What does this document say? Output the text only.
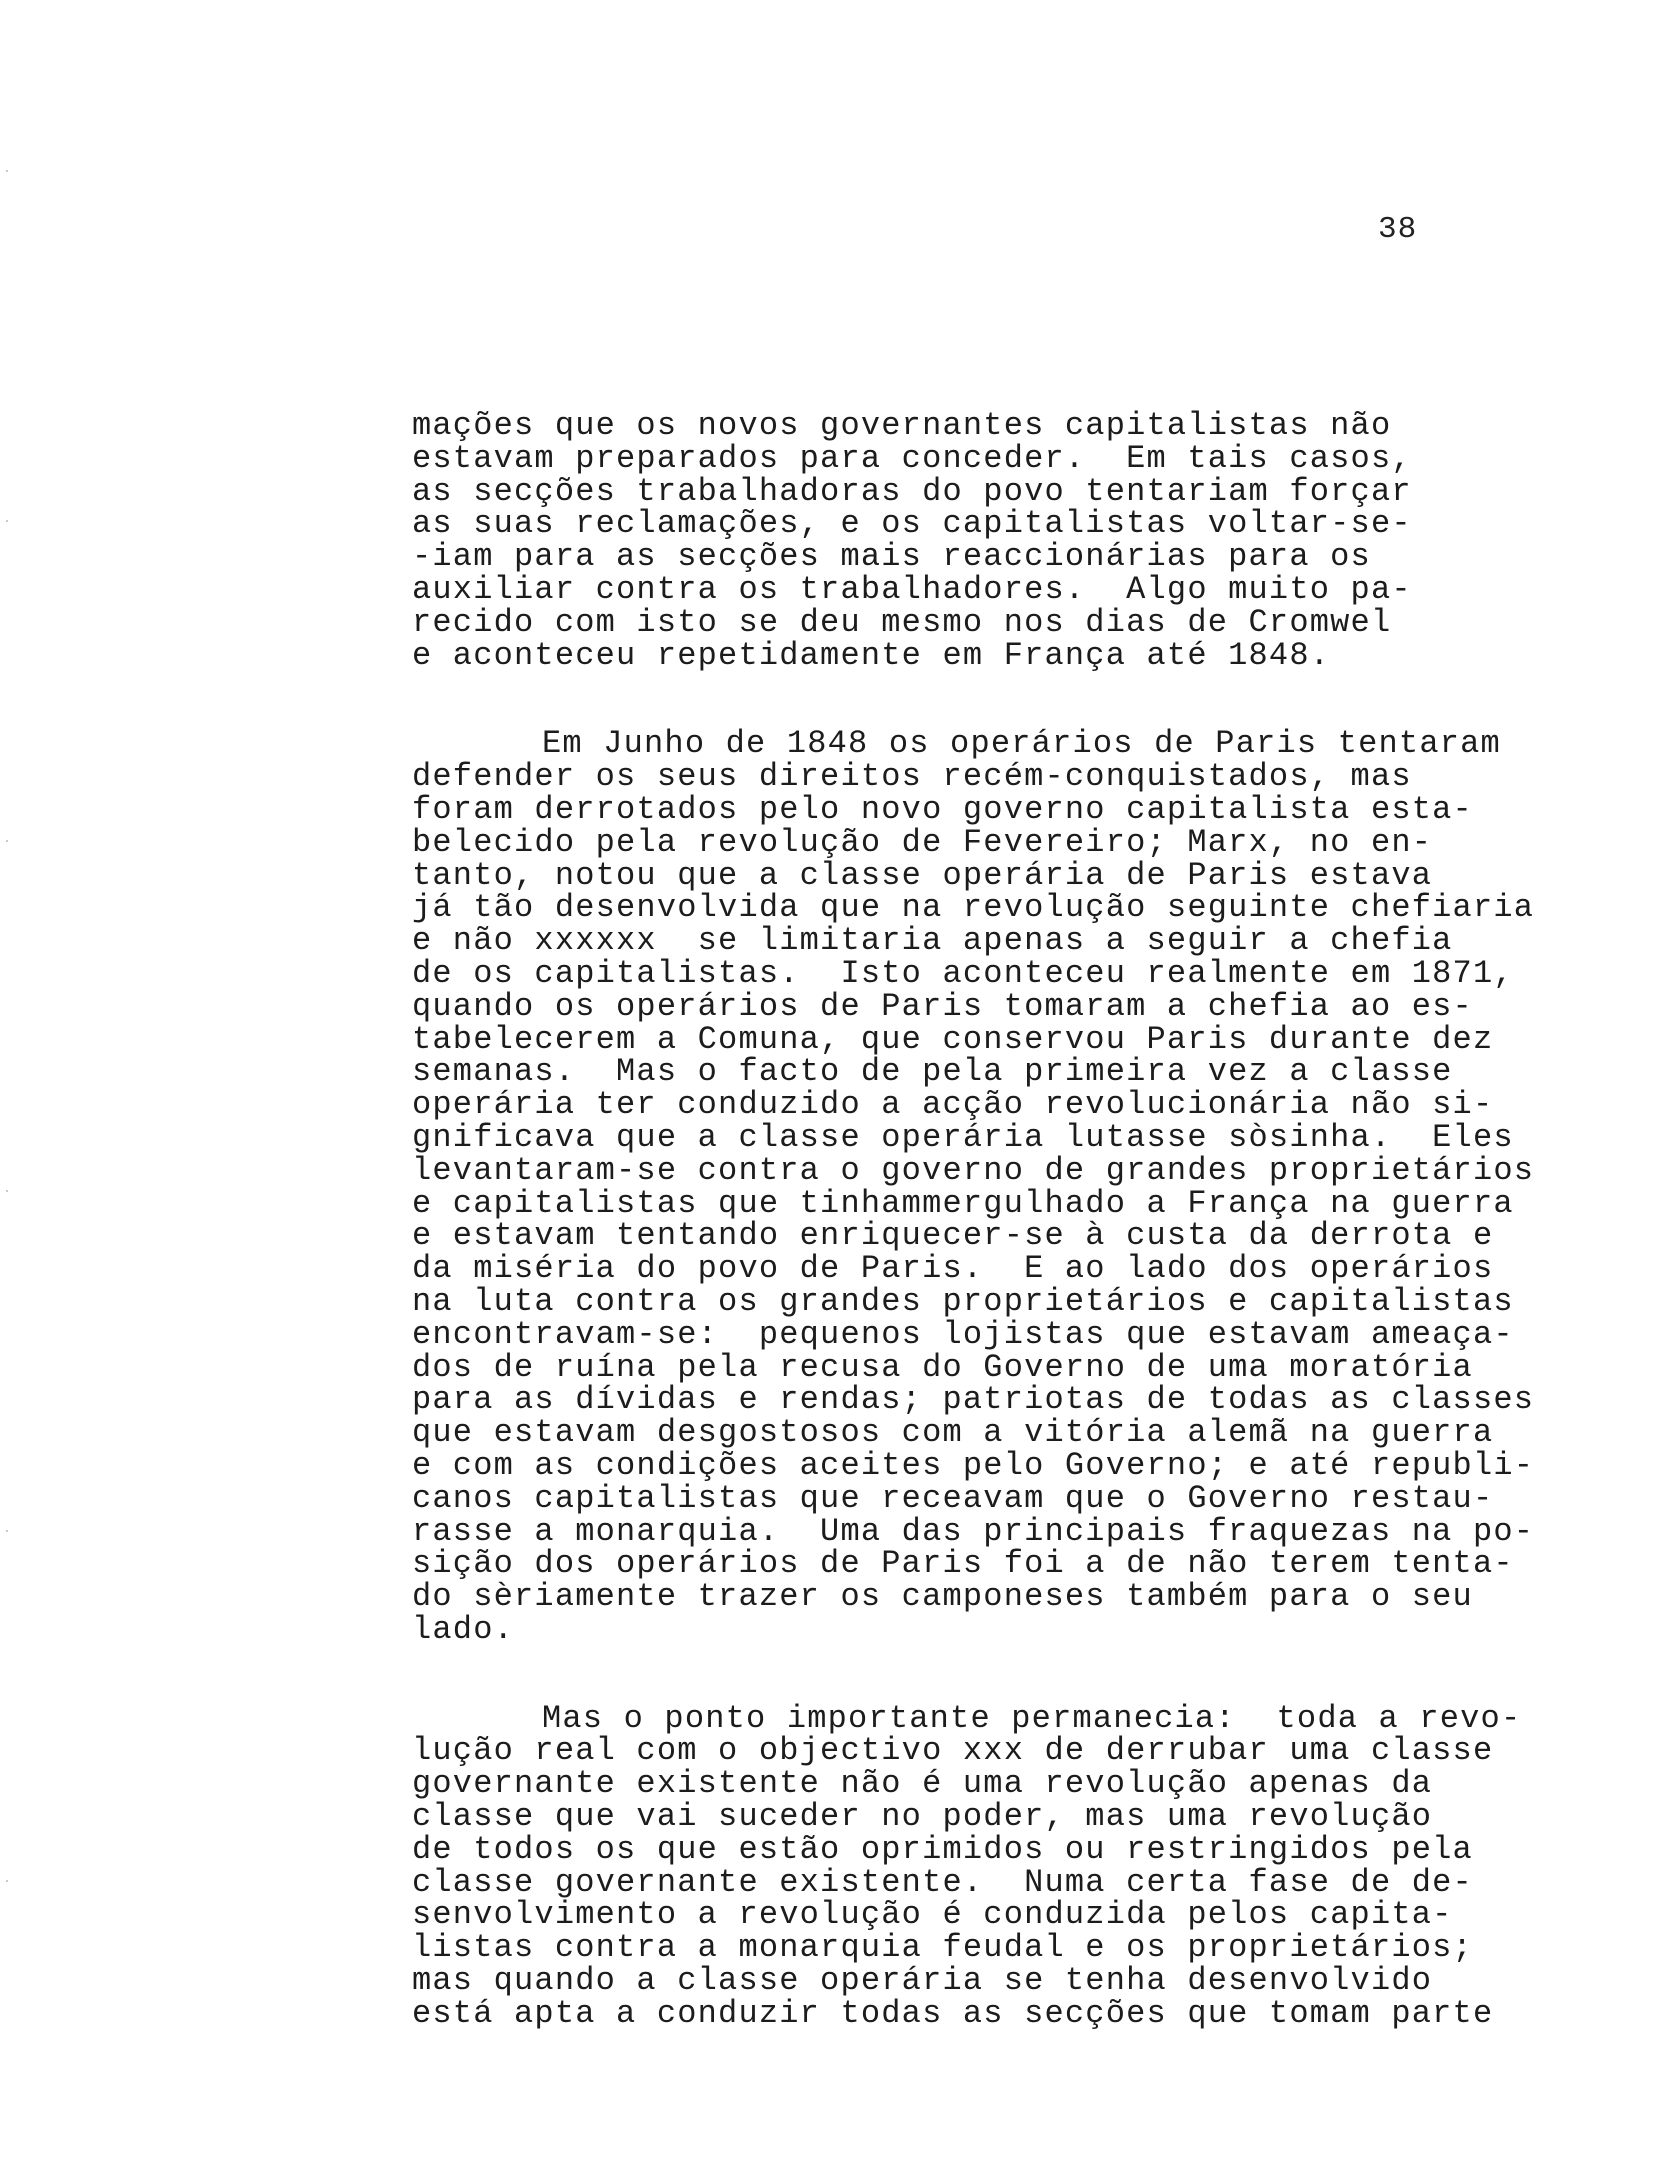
38
mações que os novos governantes capitalistas não
estavam preparados para conceder.  Em tais casos,
as secções trabalhadoras do povo tentariam forçar
as suas reclamações, e os capitalistas voltar-se-
-iam para as secções mais reaccionárias para os
auxiliar contra os trabalhadores.  Algo muito pa-
recido com isto se deu mesmo nos dias de Cromwel
e aconteceu repetidamente em França até 1848.
Em Junho de 1848 os operários de Paris tentaram
defender os seus direitos recém-conquistados, mas
foram derrotados pelo novo governo capitalista esta-
belecido pela revolução de Fevereiro; Marx, no en-
tanto, notou que a classe operária de Paris estava
já tão desenvolvida que na revolução seguinte chefiaria
e não xxxxxx  se limitaria apenas a seguir a chefia
de os capitalistas.  Isto aconteceu realmente em 1871,
quando os operários de Paris tomaram a chefia ao es-
tabelecerem a Comuna, que conservou Paris durante dez
semanas.  Mas o facto de pela primeira vez a classe
operária ter conduzido a acção revolucionária não si-
gnificava que a classe operária lutasse sòsinha.  Eles
levantaram-se contra o governo de grandes proprietários
e capitalistas que tinhammergulhado a França na guerra
e estavam tentando enriquecer-se à custa da derrota e
da miséria do povo de Paris.  E ao lado dos operários
na luta contra os grandes proprietários e capitalistas
encontravam-se:  pequenos lojistas que estavam ameaça-
dos de ruína pela recusa do Governo de uma moratória
para as dívidas e rendas; patriotas de todas as classes
que estavam desgostosos com a vitória alemã na guerra
e com as condições aceites pelo Governo; e até republi-
canos capitalistas que receavam que o Governo restau-
rasse a monarquia.  Uma das principais fraquezas na po-
sição dos operários de Paris foi a de não terem tenta-
do sèriamente trazer os camponeses também para o seu
lado.
Mas o ponto importante permanecia:  toda a revo-
lução real com o objectivo xxx de derrubar uma classe
governante existente não é uma revolução apenas da
classe que vai suceder no poder, mas uma revolução
de todos os que estão oprimidos ou restringidos pela
classe governante existente.  Numa certa fase de de-
senvolvimento a revolução é conduzida pelos capita-
listas contra a monarquia feudal e os proprietários;
mas quando a classe operária se tenha desenvolvido
está apta a conduzir todas as secções que tomam parte
